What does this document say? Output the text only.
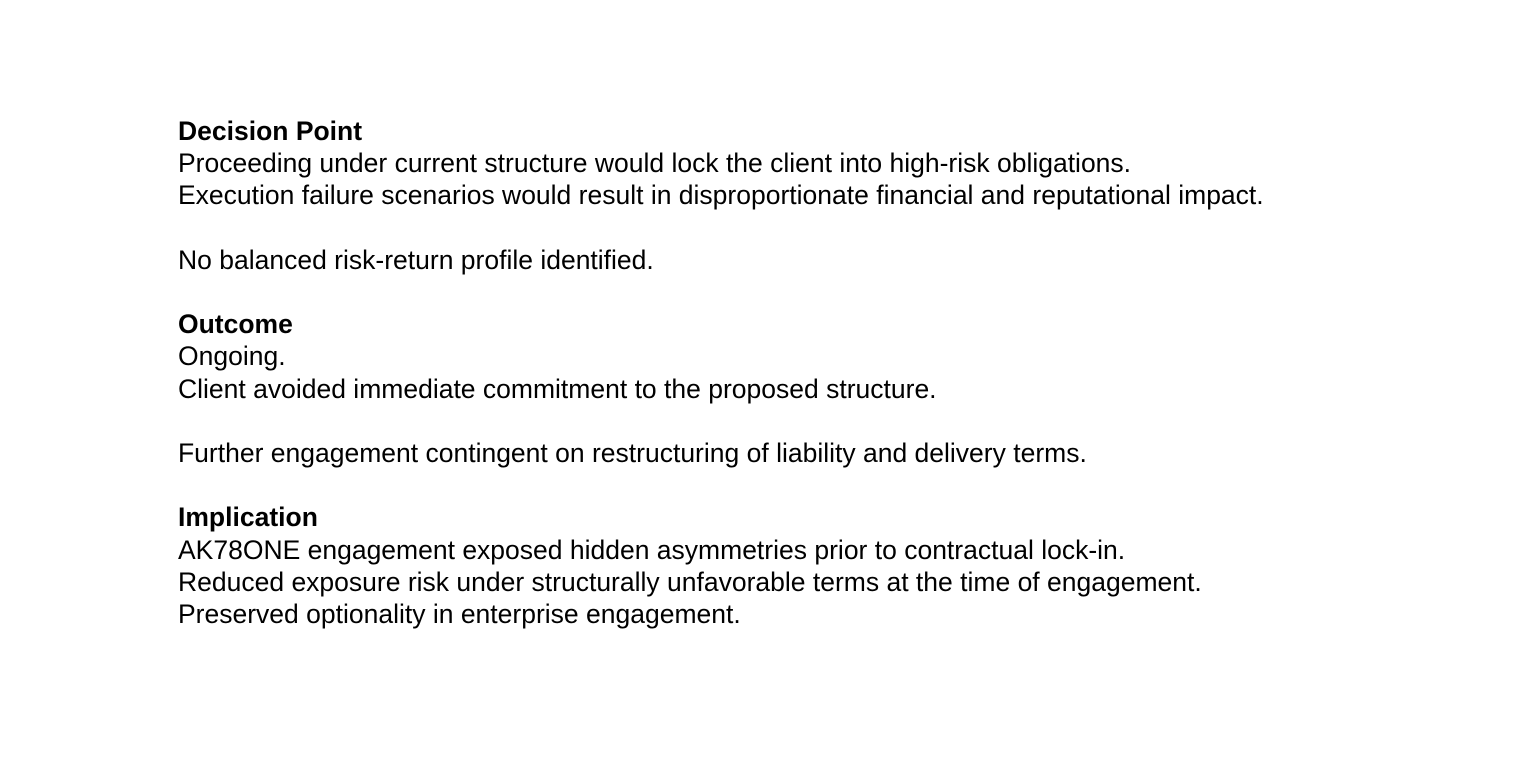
Decision Point
Proceeding under current structure would lock the client into high-risk obligations.
Execution failure scenarios would result in disproportionate financial and reputational impact.
No balanced risk-return profile identified.
Outcome
Ongoing.
Client avoided immediate commitment to the proposed structure.
Further engagement contingent on restructuring of liability and delivery terms.
Implication
AK78ONE engagement exposed hidden asymmetries prior to contractual lock-in.
Reduced exposure risk under structurally unfavorable terms at the time of engagement.
Preserved optionality in enterprise engagement.
